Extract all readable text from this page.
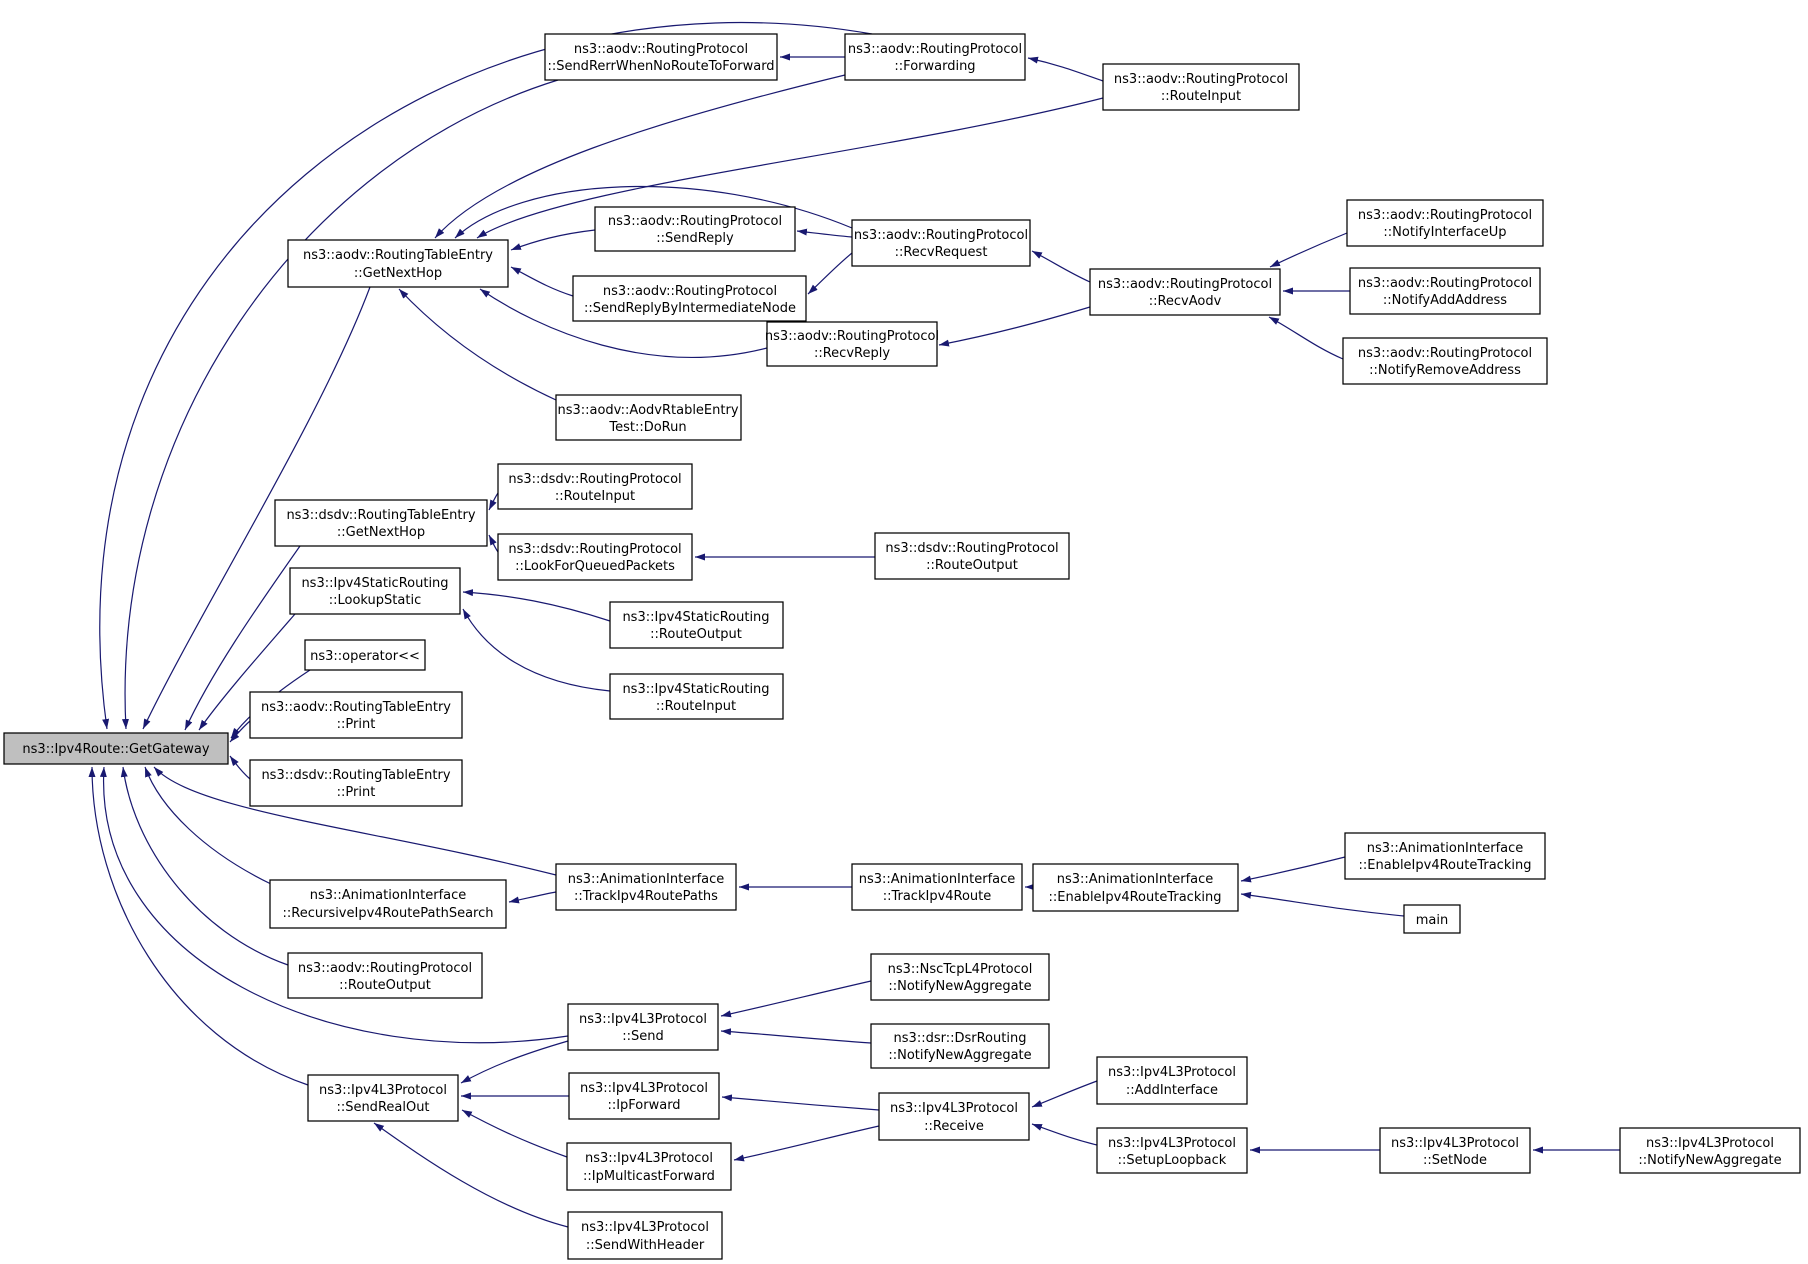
ns3::Ipv4Route::GetGateway
ns3::aodv::RoutingProtocol
::SendRerrWhenNoRouteToForward
ns3::aodv::RoutingProtocol
::Forwarding
ns3::aodv::RoutingProtocol
::RouteInput
ns3::aodv::RoutingTableEntry
::GetNextHop
ns3::aodv::RoutingProtocol
::SendReply
ns3::aodv::RoutingProtocol
::SendReplyByIntermediateNode
ns3::aodv::RoutingProtocol
::RecvRequest
ns3::aodv::RoutingProtocol
::RecvReply
ns3::aodv::RoutingProtocol
::RecvAodv
ns3::aodv::RoutingProtocol
::NotifyInterfaceUp
ns3::aodv::RoutingProtocol
::NotifyAddAddress
ns3::aodv::RoutingProtocol
::NotifyRemoveAddress
ns3::aodv::AodvRtableEntry
Test::DoRun
ns3::dsdv::RoutingTableEntry
::GetNextHop
ns3::dsdv::RoutingProtocol
::RouteInput
ns3::dsdv::RoutingProtocol
::LookForQueuedPackets
ns3::dsdv::RoutingProtocol
::RouteOutput
ns3::Ipv4StaticRouting
::LookupStatic
ns3::Ipv4StaticRouting
::RouteOutput
ns3::Ipv4StaticRouting
::RouteInput
ns3::operator<<
ns3::aodv::RoutingTableEntry
::Print
ns3::dsdv::RoutingTableEntry
::Print
ns3::AnimationInterface
::RecursiveIpv4RoutePathSearch
ns3::AnimationInterface
::TrackIpv4RoutePaths
ns3::AnimationInterface
::TrackIpv4Route
ns3::AnimationInterface
::EnableIpv4RouteTracking
ns3::AnimationInterface
::EnableIpv4RouteTracking
main
ns3::aodv::RoutingProtocol
::RouteOutput
ns3::Ipv4L3Protocol
::Send
ns3::Ipv4L3Protocol
::SendRealOut
ns3::Ipv4L3Protocol
::IpForward
ns3::Ipv4L3Protocol
::IpMulticastForward
ns3::Ipv4L3Protocol
::SendWithHeader
ns3::NscTcpL4Protocol
::NotifyNewAggregate
ns3::dsr::DsrRouting
::NotifyNewAggregate
ns3::Ipv4L3Protocol
::Receive
ns3::Ipv4L3Protocol
::AddInterface
ns3::Ipv4L3Protocol
::SetupLoopback
ns3::Ipv4L3Protocol
::SetNode
ns3::Ipv4L3Protocol
::NotifyNewAggregate
